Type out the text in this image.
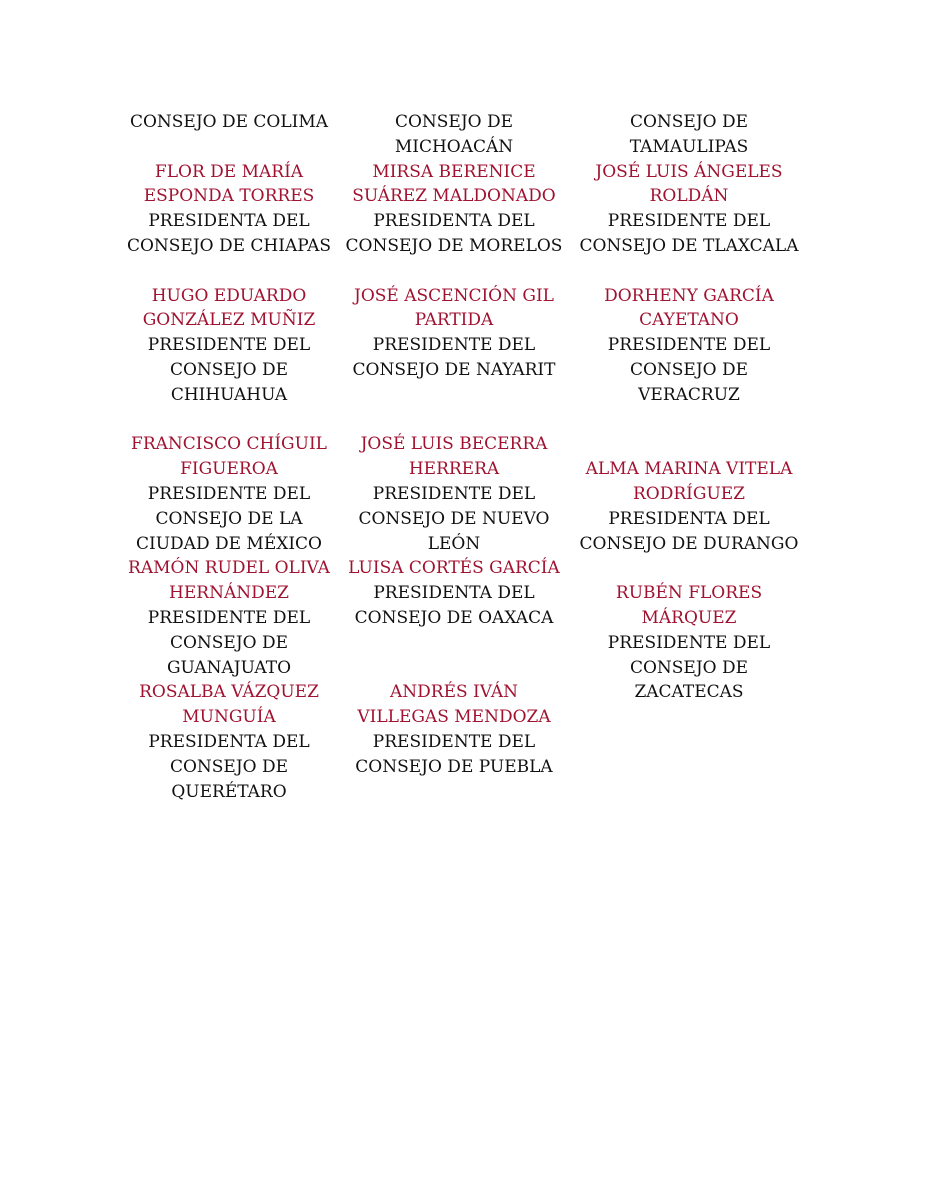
CONSEJO DE COLIMA
FLOR DE MARÍA
ESPONDA TORRES
PRESIDENTA DEL
CONSEJO DE CHIAPAS
HUGO EDUARDO
GONZÁLEZ MUÑIZ
PRESIDENTE DEL
CONSEJO DE
CHIHUAHUA
FRANCISCO CHÍGUIL
FIGUEROA
PRESIDENTE DEL
CONSEJO DE LA
CIUDAD DE MÉXICO
RAMÓN RUDEL OLIVA
HERNÁNDEZ
PRESIDENTE DEL
CONSEJO DE
GUANAJUATO
ROSALBA VÁZQUEZ
MUNGUÍA
PRESIDENTA DEL
CONSEJO DE
QUERÉTARO
CONSEJO DE
MICHOACÁN
MIRSA BERENICE
SUÁREZ MALDONADO
PRESIDENTA DEL
CONSEJO DE MORELOS
JOSÉ ASCENCIÓN GIL
PARTIDA
PRESIDENTE DEL
CONSEJO DE NAYARIT
JOSÉ LUIS BECERRA
HERRERA
PRESIDENTE DEL
CONSEJO DE NUEVO
LEÓN
LUISA CORTÉS GARCÍA
PRESIDENTA DEL
CONSEJO DE OAXACA
ANDRÉS IVÁN
VILLEGAS MENDOZA
PRESIDENTE DEL
CONSEJO DE PUEBLA
CONSEJO DE
TAMAULIPAS
JOSÉ LUIS ÁNGELES
ROLDÁN
PRESIDENTE DEL
CONSEJO DE TLAXCALA
DORHENY GARCÍA
CAYETANO
PRESIDENTE DEL
CONSEJO DE VERACRUZ
ALMA MARINA VITELA
RODRÍGUEZ
PRESIDENTA DEL
CONSEJO DE DURANGO
RUBÉN FLORES
MÁRQUEZ
PRESIDENTE DEL
CONSEJO DE ZACATECAS
